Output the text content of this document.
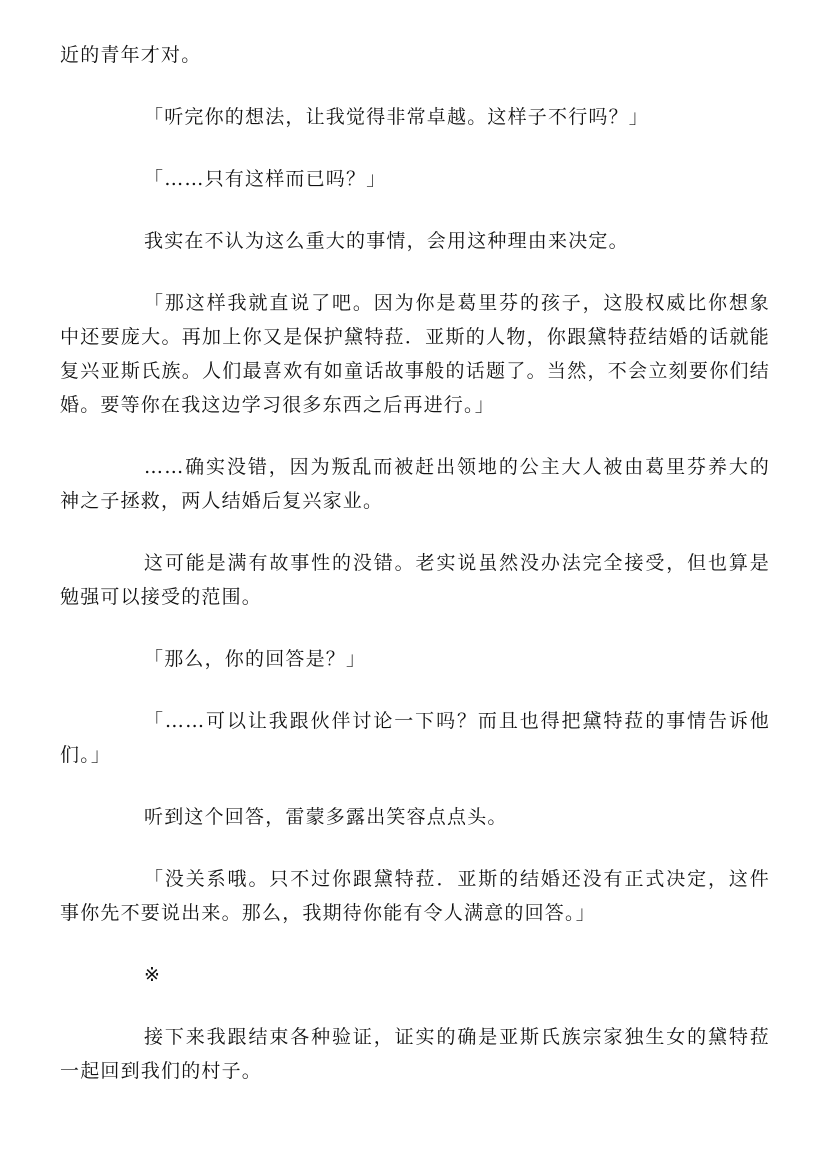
近的青年才对。

「听完你的想法，让我觉得非常卓越。这样子不行吗？」

「……只有这样而已吗？」

我实在不认为这么重大的事情，会用这种理由来决定。

「那这样我就直说了吧。因为你是葛里芬的孩子，这股权威比你想象中还要庞大。再加上你又是保护黛特菈．亚斯的人物，你跟黛特菈结婚的话就能复兴亚斯氏族。人们最喜欢有如童话故事般的话题了。当然，不会立刻要你们结婚。要等你在我这边学习很多东西之后再进行。」

……确实没错，因为叛乱而被赶出领地的公主大人被由葛里芬养大的神之子拯救，两人结婚后复兴家业。

这可能是满有故事性的没错。老实说虽然没办法完全接受，但也算是勉强可以接受的范围。

「那么，你的回答是？」

「……可以让我跟伙伴讨论一下吗？而且也得把黛特菈的事情告诉他们。」

听到这个回答，雷蒙多露出笑容点点头。

「没关系哦。只不过你跟黛特菈．亚斯的结婚还没有正式决定，这件事你先不要说出来。那么，我期待你能有令人满意的回答。」

※

接下来我跟结束各种验证，证实的确是亚斯氏族宗家独生女的黛特菈一起回到我们的村子。
